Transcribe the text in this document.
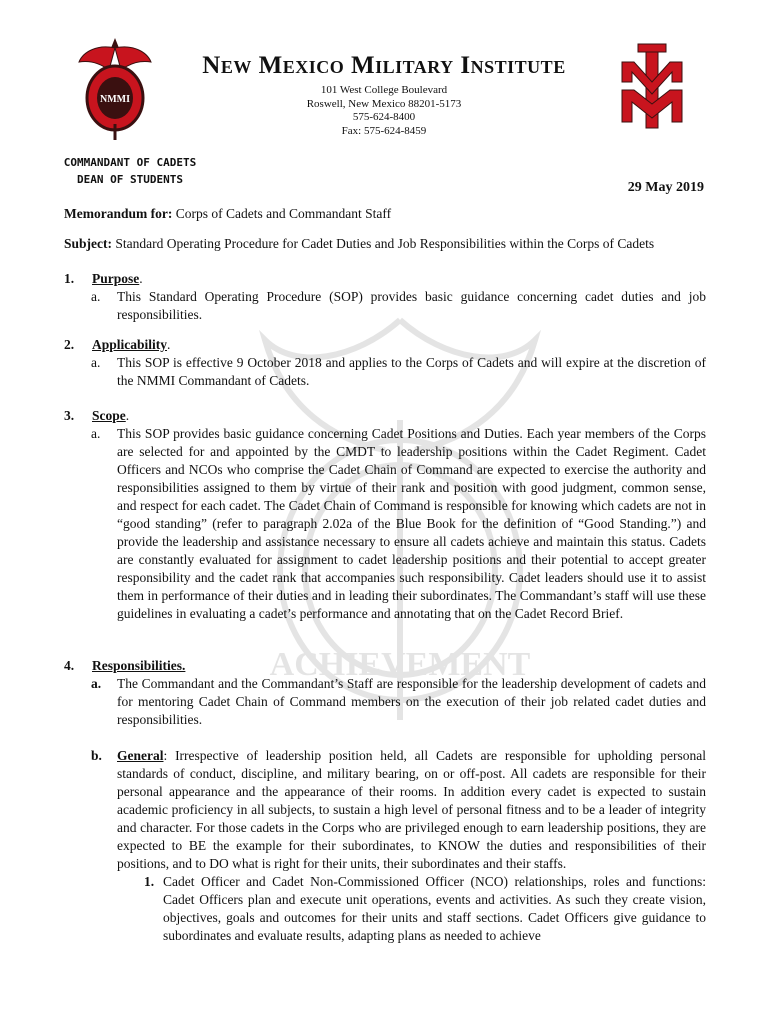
ACHIEVEMENT
NMMI
New Mexico Military Institute
101 West College Boulevard
Roswell, New Mexico 88201-5173
575-624-8400
Fax: 575-624-8459
COMMANDANT OF CADETS
DEAN OF STUDENTS
29 May 2019
Memorandum for: Corps of Cadets and Commandant Staff
Subject: Standard Operating Procedure for Cadet Duties and Job Responsibilities within the Corps of Cadets
1. Purpose.
a. This Standard Operating Procedure (SOP) provides basic guidance concerning cadet duties and job responsibilities.
2. Applicability.
a. This SOP is effective 9 October 2018 and applies to the Corps of Cadets and will expire at the discretion of the NMMI Commandant of Cadets.
3. Scope.
a. This SOP provides basic guidance concerning Cadet Positions and Duties. Each year members of the Corps are selected for and appointed by the CMDT to leadership positions within the Cadet Regiment. Cadet Officers and NCOs who comprise the Cadet Chain of Command are expected to exercise the authority and responsibilities assigned to them by virtue of their rank and position with good judgment, common sense, and respect for each cadet. The Cadet Chain of Command is responsible for knowing which cadets are not in “good standing” (refer to paragraph 2.02a of the Blue Book for the definition of “Good Standing.”) and provide the leadership and assistance necessary to ensure all cadets achieve and maintain this status. Cadets are constantly evaluated for assignment to cadet leadership positions and their potential to accept greater responsibility and the cadet rank that accompanies such responsibility. Cadet leaders should use it to assist them in performance of their duties and in leading their subordinates. The Commandant’s staff will use these guidelines in evaluating a cadet’s performance and annotating that on the Cadet Record Brief.
4. Responsibilities.
a. The Commandant and the Commandant’s Staff are responsible for the leadership development of cadets and for mentoring Cadet Chain of Command members on the execution of their job related cadet duties and responsibilities.
b. General: Irrespective of leadership position held, all Cadets are responsible for upholding personal standards of conduct, discipline, and military bearing, on or off-post. All cadets are responsible for their personal appearance and the appearance of their rooms. In addition every cadet is expected to sustain academic proficiency in all subjects, to sustain a high level of personal fitness and to be a leader of integrity and character. For those cadets in the Corps who are privileged enough to earn leadership positions, they are expected to BE the example for their subordinates, to KNOW the duties and responsibilities of their positions, and to DO what is right for their units, their subordinates and their staffs.
1. Cadet Officer and Cadet Non-Commissioned Officer (NCO) relationships, roles and functions: Cadet Officers plan and execute unit operations, events and activities. As such they create vision, objectives, goals and outcomes for their units and staff sections. Cadet Officers give guidance to subordinates and evaluate results, adapting plans as needed to achieve
